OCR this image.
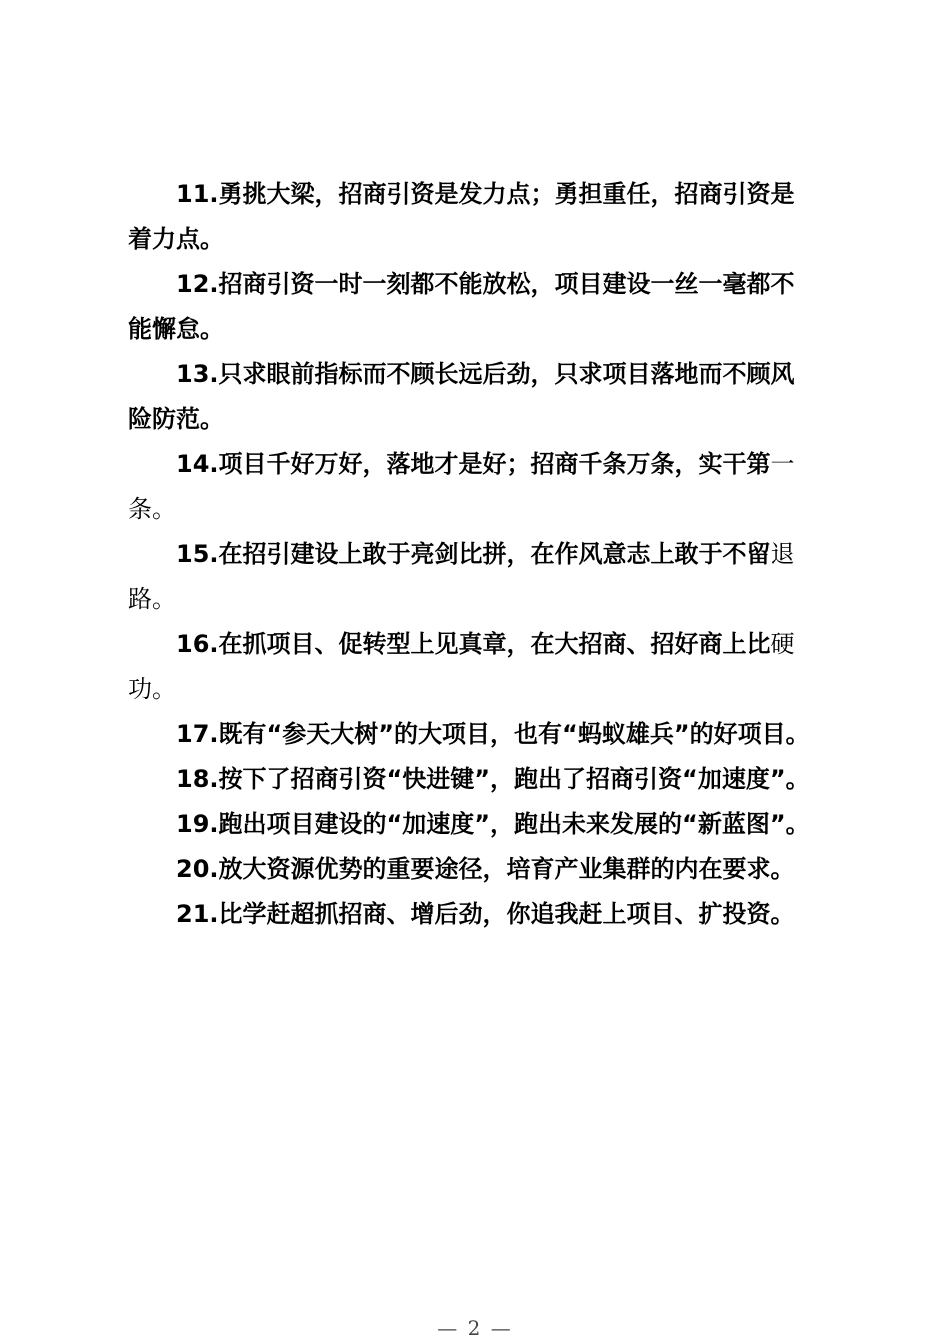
11.勇挑大梁，招商引资是发力点；勇担重任，招商引资是着力点。

12.招商引资一时一刻都不能放松，项目建设一丝一毫都不能懈怠。

13.只求眼前指标而不顾长远后劲，只求项目落地而不顾风险防范。

14.项目千好万好，落地才是好；招商千条万条，实干第一条。

15.在招引建设上敢于亮剑比拼，在作风意志上敢于不留退路。

16.在抓项目、促转型上见真章，在大招商、招好商上比硬功。

17.既有“参天大树”的大项目，也有“蚂蚁雄兵”的好项目。

18.按下了招商引资“快进键”，跑出了招商引资“加速度”。

19.跑出项目建设的“加速度”，跑出未来发展的“新蓝图”。

20.放大资源优势的重要途径，培育产业集群的内在要求。

21.比学赶超抓招商、增后劲，你追我赶上项目、扩投资。

— 2 —
